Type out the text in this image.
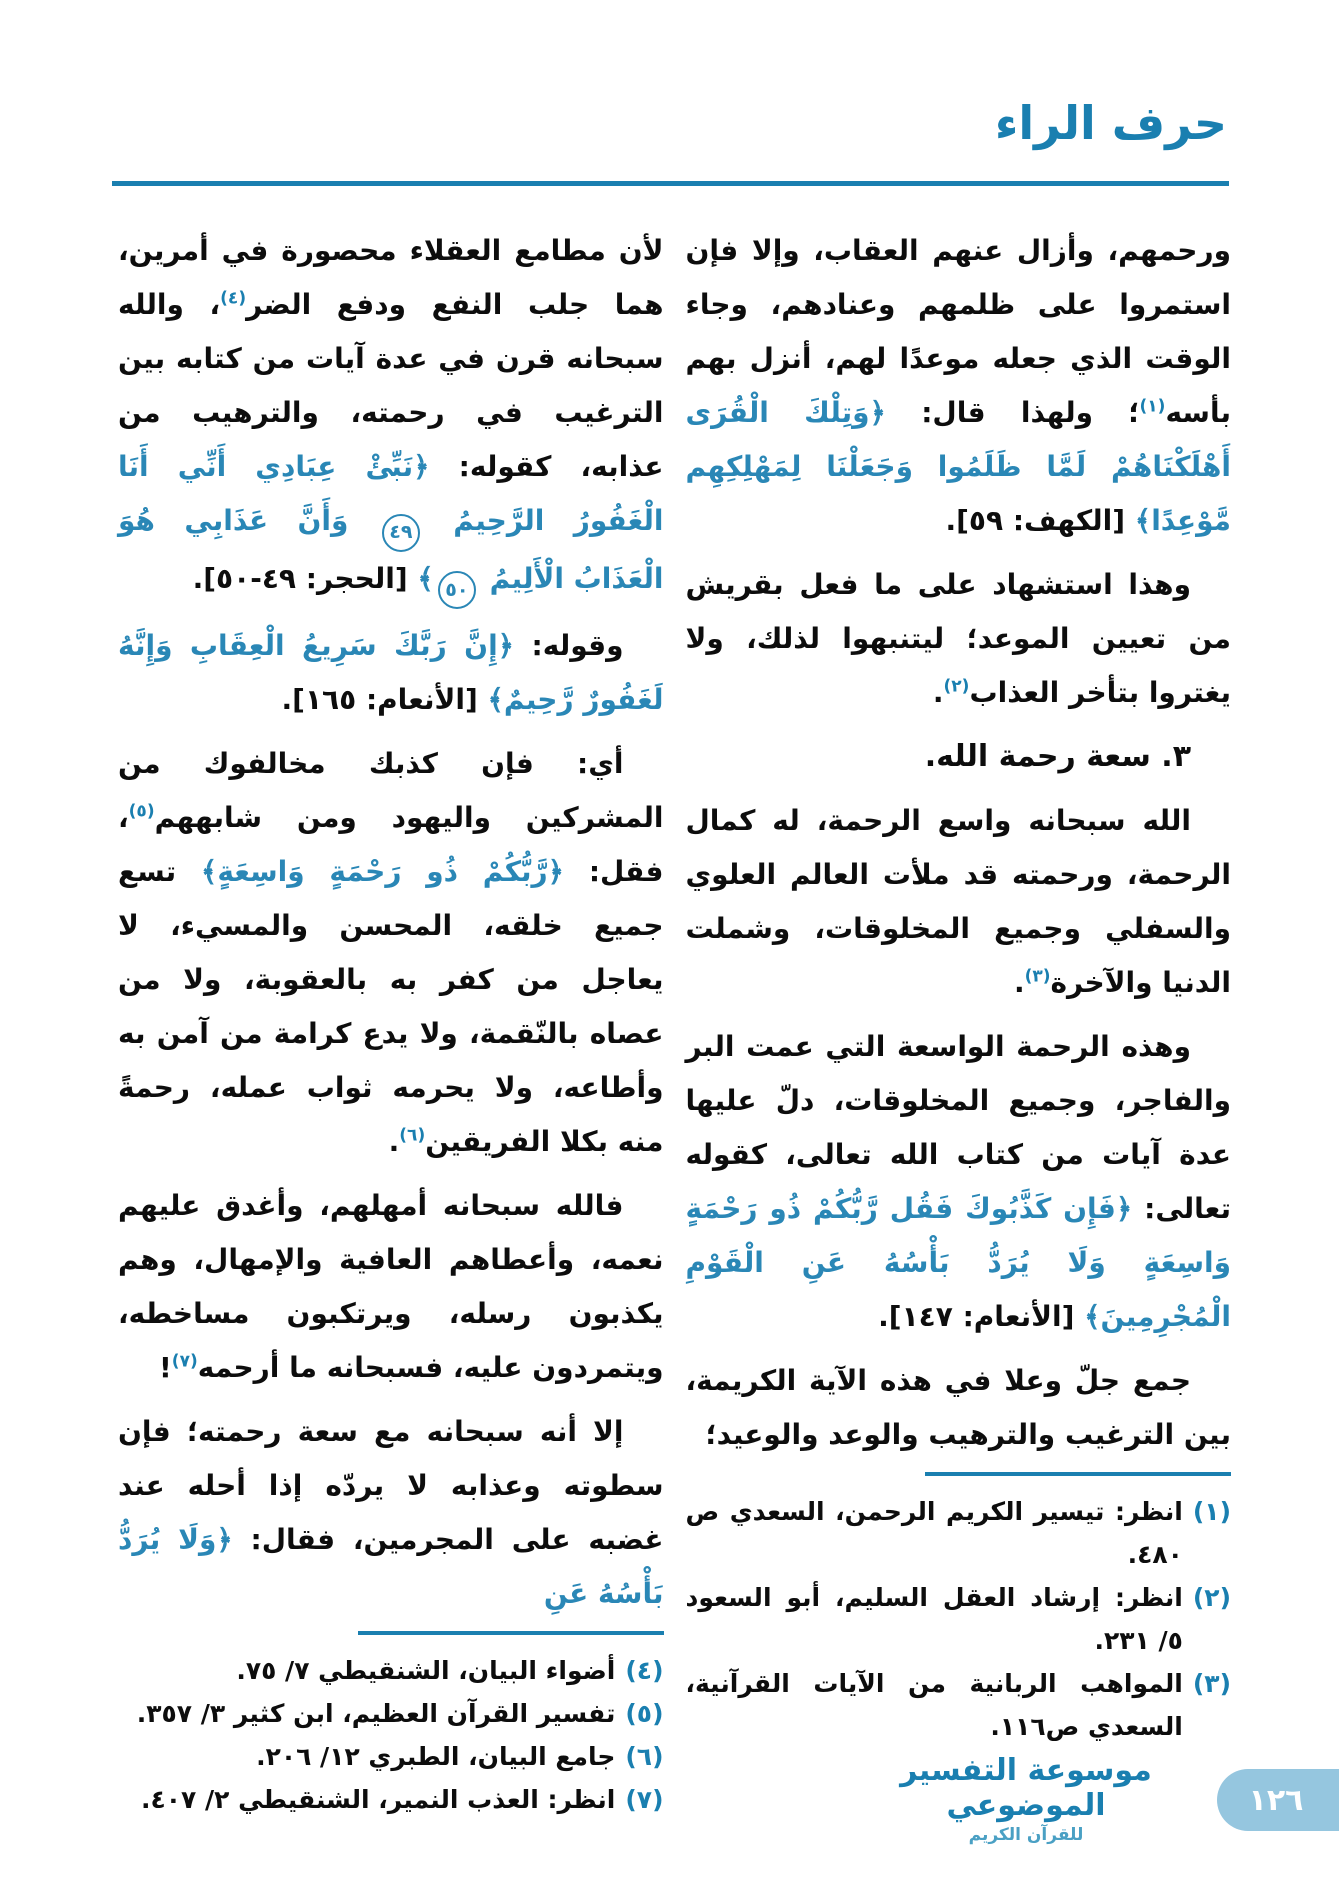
حرف الراء

ورحمهم، وأزال عنهم العقاب، وإلا فإن استمروا على ظلمهم وعنادهم، وجاء الوقت الذي جعله موعدًا لهم، أنزل بهم بأسه$^{(١)}$؛ ولهذا قال: ﴿وَتِلْكَ الْقُرَى أَهْلَكْنَاهُمْ لَمَّا ظَلَمُوا وَجَعَلْنَا لِمَهْلِكِهِم مَّوْعِدًا﴾ [الكهف: ٥٩].

وهذا استشهاد على ما فعل بقريش من تعيين الموعد؛ ليتنبهوا لذلك، ولا يغتروا بتأخر العذاب$^{(٢)}$.

٣. سعة رحمة الله.

الله سبحانه واسع الرحمة، له كمال الرحمة، ورحمته قد ملأت العالم العلوي والسفلي وجميع المخلوقات، وشملت الدنيا والآخرة$^{(٣)}$.

وهذه الرحمة الواسعة التي عمت البر والفاجر، وجميع المخلوقات، دلّ عليها عدة آيات من كتاب الله تعالى، كقوله تعالى: ﴿فَإِن كَذَّبُوكَ فَقُل رَّبُّكُمْ ذُو رَحْمَةٍ وَاسِعَةٍ وَلَا يُرَدُّ بَأْسُهُ عَنِ الْقَوْمِ الْمُجْرِمِينَ﴾ [الأنعام: ١٤٧].

جمع جلّ وعلا في هذه الآية الكريمة، بين الترغيب والترهيب والوعد والوعيد؛

(١)
انظر: تيسير الكريم الرحمن، السعدي ص ٤٨٠.
(٢)
انظر: إرشاد العقل السليم، أبو السعود ٥/ ٢٣١.
(٣)
المواهب الربانية من الآيات القرآنية، السعدي ص١١٦.

لأن مطامع العقلاء محصورة في أمرين، هما جلب النفع ودفع الضر$^{(٤)}$، والله سبحانه قرن في عدة آيات من كتابه بين الترغيب في رحمته، والترهيب من عذابه، كقوله: ﴿نَبِّئْ عِبَادِي أَنِّي أَنَا الْغَفُورُ الرَّحِيمُ ٤٩ وَأَنَّ عَذَابِي هُوَ الْعَذَابُ الْأَلِيمُ ٥٠﴾ [الحجر: ٤٩-٥٠].

وقوله: ﴿إِنَّ رَبَّكَ سَرِيعُ الْعِقَابِ وَإِنَّهُ لَغَفُورٌ رَّحِيمٌ﴾ [الأنعام: ١٦٥].

أي: فإن كذبك مخالفوك من المشركين واليهود ومن شابههم$^{(٥)}$، فقل: ﴿رَّبُّكُمْ ذُو رَحْمَةٍ وَاسِعَةٍ﴾ تسع جميع خلقه، المحسن والمسيء، لا يعاجل من كفر به بالعقوبة، ولا من عصاه بالنّقمة، ولا يدع كرامة من آمن به وأطاعه، ولا يحرمه ثواب عمله، رحمةً منه بكلا الفريقين$^{(٦)}$.

فالله سبحانه أمهلهم، وأغدق عليهم نعمه، وأعطاهم العافية والإمهال، وهم يكذبون رسله، ويرتكبون مساخطه، ويتمردون عليه، فسبحانه ما أرحمه$^{(٧)}$!

إلا أنه سبحانه مع سعة رحمته؛ فإن سطوته وعذابه لا يردّه إذا أحله عند غضبه على المجرمين، فقال: ﴿وَلَا يُرَدُّ بَأْسُهُ عَنِ

(٤)
أضواء البيان، الشنقيطي ٧/ ٧٥.
(٥)
تفسير القرآن العظيم، ابن كثير ٣/ ٣٥٧.
(٦)
جامع البيان، الطبري ١٢/ ٢٠٦.
(٧)
انظر: العذب النمير، الشنقيطي ٢/ ٤٠٧.
موسوعة التفسير الموضوعي
للقرآن الكريم
١٢٦
